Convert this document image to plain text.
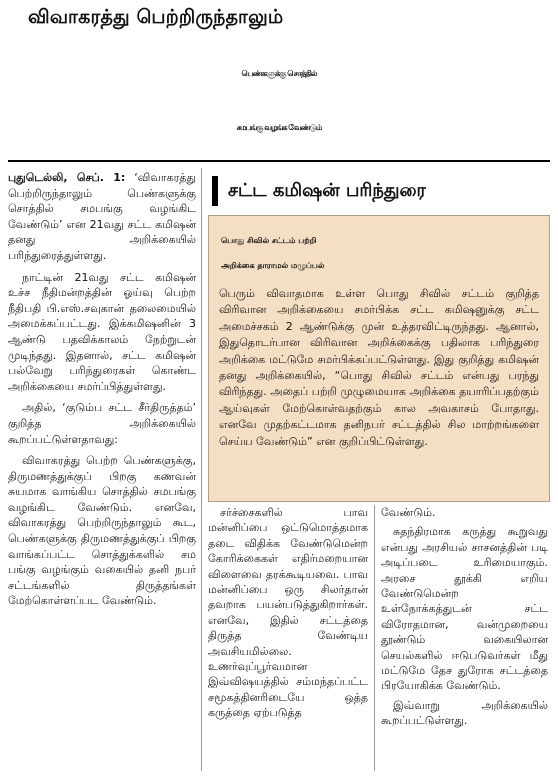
விவாகரத்து பெற்றிருந்தாலும்
பெண்களுக்கு சொத்தில்
சமபங்கு வழங்க வேண்டும்

புதுடெல்லி, செப். 1: ‘விவாகரத்து பெற்றிருந்தாலும் பெண்களுக்கு சொத்தில் சமபங்கு வழங்கிட வேண்டும்’ என 21வது சட்ட கமிஷன் தனது அறிக்கையில் பரிந்துரைத்துள்ளது.

நாட்டின் 21வது சட்ட கமிஷன் உச்ச நீதிமன்றத்தின் ஓய்வு பெற்ற நீதிபதி பி.எஸ்.சவுகான் தலைமையில் அமைக்கப்பட்டது. இக்கமிஷனின் 3 ஆண்டு பதவிக்காலம் நேற்றுடன் முடிந்தது. இதனால், சட்ட கமிஷன் பல்வேறு பரிந்துரைகள் கொண்ட அறிக்கையை சமர்ப்பித்துள்ளது.

அதில், ‘குடும்ப சட்ட சீர்திருத்தம்’ குறித்த அறிக்கையில் கூறப்பட்டுள்ளதாவது:

விவாகரத்து பெற்ற பெண்களுக்கு, திருமணத்துக்குப் பிறகு கணவன் சுயமாக வாங்கிய சொத்தில் சமபங்கு வழங்கிட வேண்டும். எனவே, விவாகரத்து பெற்றிருந்தாலும் கூட, பெண்களுக்கு திருமணத்துக்குப் பிறகு வாங்கப்பட்ட சொத்துக்களில் சம பங்கு வழங்கும் வகையில் தனி நபர் சட்டங்களில் திருத்தங்கள் மேற்கொள்ளப்பட வேண்டும்.

சட்ட கமிஷன் பரிந்துரை
பொது சிவில் சட்டம் பற்றி
அறிக்கை தாராமல் மழுப்பல்
பெரும் விவாதமாக உள்ள பொது சிவில் சட்டம் குறித்த விரிவான அறிக்கையை சமர்பிக்க சட்ட கமிஷனுக்கு சட்ட அமைச்சகம் 2 ஆண்டுக்கு முன் உத்தரவிட்டிருந்தது. ஆனால், இதுதொடர்பான விரிவான அறிக்கைக்கு பதிலாக பரிந்துரை அறிக்கை மட்டுமே சமர்பிக்கப்பட்டுள்ளது. இது குறித்து கமிஷன் தனது அறிக்கையில், “பொது சிவில் சட்டம் என்பது பரந்து விரிந்தது. அதைப் பற்றி முழுமையாக அறிக்கை தயாரிப்பதற்கும் ஆய்வுகள் மேற்கொள்வதற்கும் கால அவகாசம் போதாது. எனவே முதற்கட்டமாக தனிநபர் சட்டத்தில் சில மாற்றங்களை செய்ய வேண்டும்” என குறிப்பிட்டுள்ளது.

சர்ச்சைகளில் பாவ மன்னிப்பை ஒட்டுமொத்தமாக தடை விதிக்க வேண்டுமென்ற கோரிக்கைகள் எதிர்மறையான விளைவை தரக்கூடியவை. பாவ மன்னிப்பை ஒரு சிலர்தான் தவறாக பயன்படுத்துகிறார்கள். எனவே, இதில் சட்டத்தை திருத்த வேண்டிய அவசியமில்லை. உணர்வுப்பூர்வமான இவ்விஷயத்தில் சம்மந்தப்பட்ட சமூகத்தினரிடையே ஒத்த கருத்தை ஏற்படுத்த

வேண்டும்.

சுதந்திரமாக கருத்து கூறுவது என்பது அரசியல் சாசனத்தின் படி அடிப்படை உரிமையாகும். அரசை தூக்கி எறிய வேண்டுமென்ற உள்நோக்கத்துடன் சட்ட விரோதமான, வன்முறையை தூண்டும் வகையிலான செயல்களில் ஈடுபடுவர்கள் மீது மட்டுமே தேச துரோக சட்டத்தை பிரயோகிக்க வேண்டும்.

இவ்வாறு அறிக்கையில் கூறப்பட்டுள்ளது.
